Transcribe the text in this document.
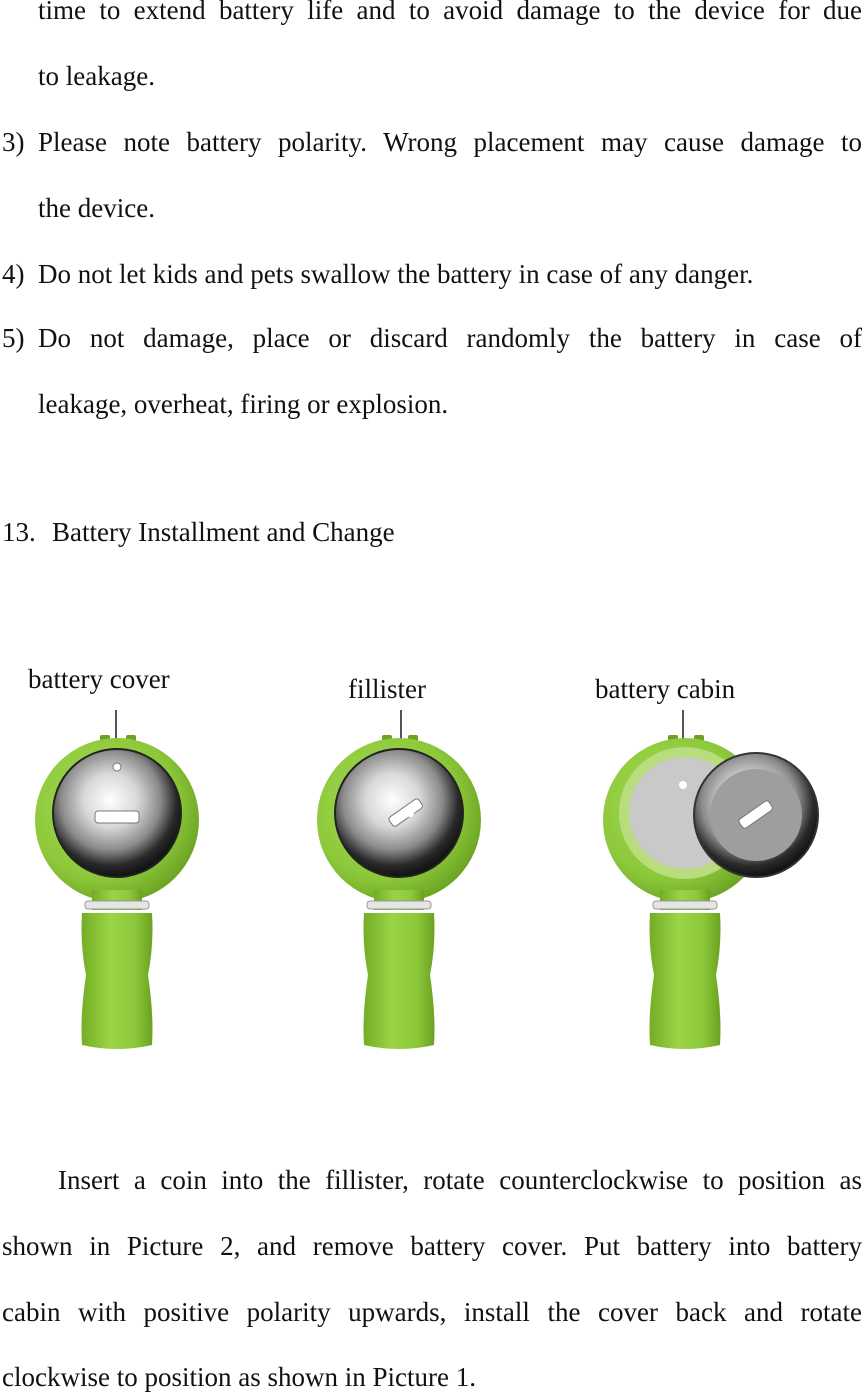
time to extend battery life and to avoid damage to the device for due
to leakage.
3) Please note battery polarity. Wrong placement may cause damage to
the device.
4) Do not let kids and pets swallow the battery in case of any danger.
5) Do not damage, place or discard randomly the battery in case of
leakage, overheat, firing or explosion.
13. Battery Installment and Change
battery cover	fillister	battery cabin
Insert a coin into the fillister, rotate counterclockwise to position as
shown in Picture 2, and remove battery cover. Put battery into battery
cabin with positive polarity upwards, install the cover back and rotate
clockwise to position as shown in Picture 1.
